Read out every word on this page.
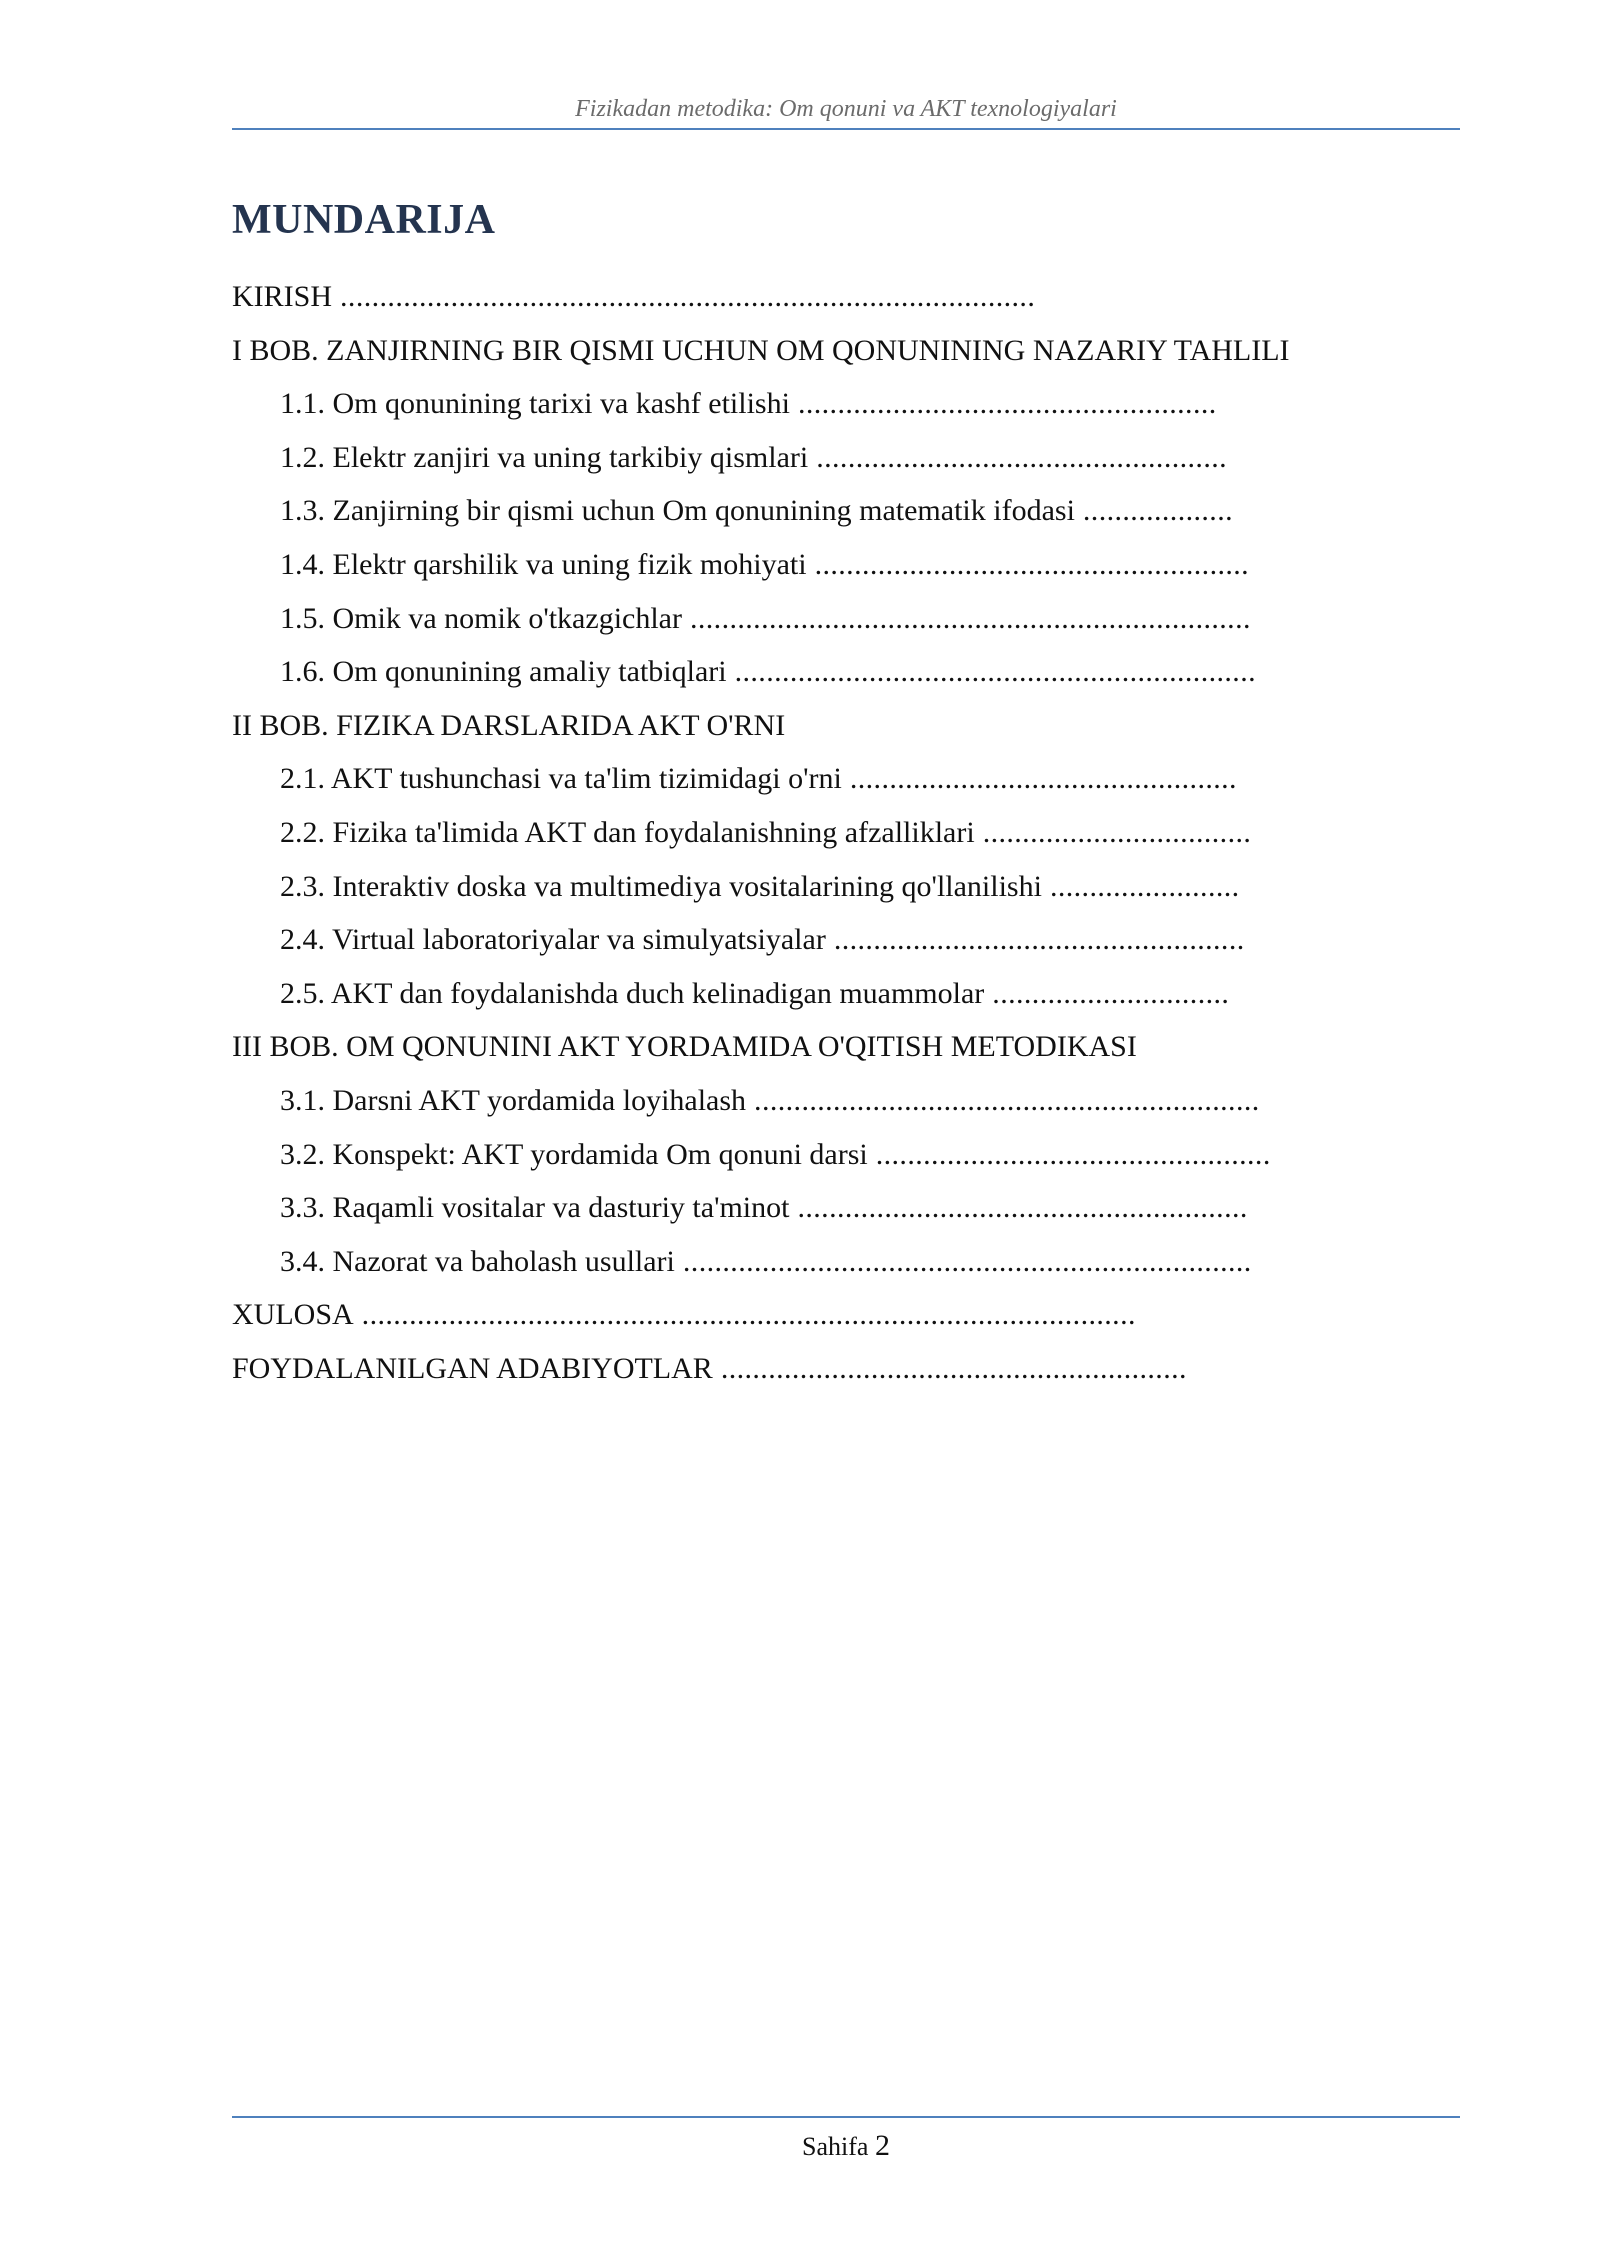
Fizikadan metodika: Om qonuni va AKT texnologiyalari
MUNDARIJA
KIRISH ........................................................................................
I BOB. ZANJIRNING BIR QISMI UCHUN OM QONUNINING NAZARIY TAHLILI
1.1. Om qonunining tarixi va kashf etilishi .....................................................
1.2. Elektr zanjiri va uning tarkibiy qismlari ....................................................
1.3. Zanjirning bir qismi uchun Om qonunining matematik ifodasi ...................
1.4. Elektr qarshilik va uning fizik mohiyati .......................................................
1.5. Omik va nomik o'tkazgichlar .......................................................................
1.6. Om qonunining amaliy tatbiqlari ..................................................................
II BOB. FIZIKA DARSLARIDA AKT O'RNI
2.1. AKT tushunchasi va ta'lim tizimidagi o'rni .................................................
2.2. Fizika ta'limida AKT dan foydalanishning afzalliklari ..................................
2.3. Interaktiv doska va multimediya vositalarining qo'llanilishi ........................
2.4. Virtual laboratoriyalar va simulyatsiyalar ....................................................
2.5. AKT dan foydalanishda duch kelinadigan muammolar ..............................
III BOB. OM QONUNINI AKT YORDAMIDA O'QITISH METODIKASI
3.1. Darsni AKT yordamida loyihalash ................................................................
3.2. Konspekt: AKT yordamida Om qonuni darsi ..................................................
3.3. Raqamli vositalar va dasturiy ta'minot .........................................................
3.4. Nazorat va baholash usullari ........................................................................
XULOSA ..................................................................................................
FOYDALANILGAN ADABIYOTLAR ...........................................................
Sahifa 2
